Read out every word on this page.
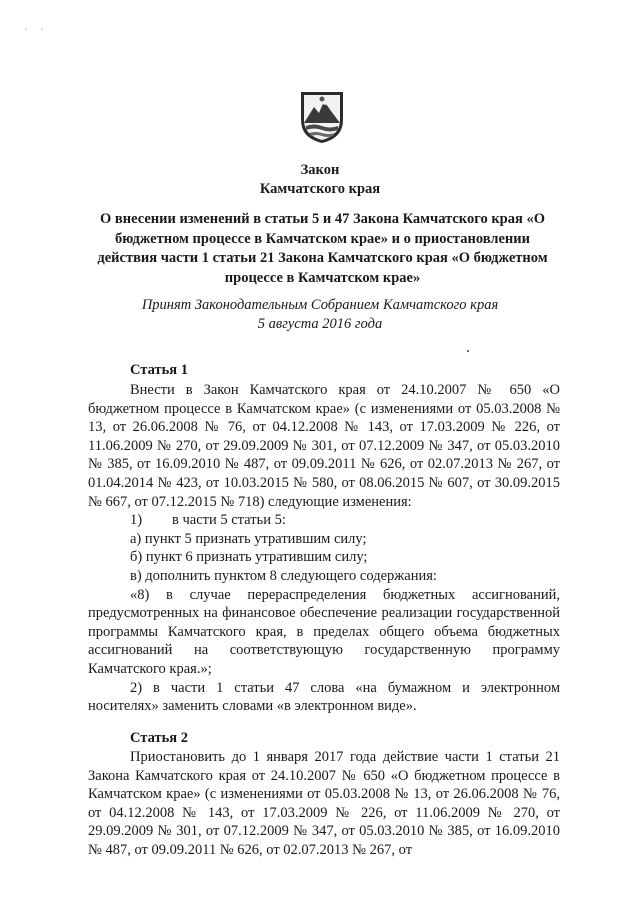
, ,
Закон
Камчатского края
О внесении изменений в статьи 5 и 47 Закона Камчатского края «О бюджетном процессе в Камчатском крае» и о приостановлении действия части 1 статьи 21 Закона Камчатского края «О бюджетном процессе в Камчатском крае»
Принят Законодательным Собранием Камчатского края
5 августа 2016 года
Статья 1

Внести в Закон Камчатского края от 24.10.2007 № 650 «О бюджетном процессе в Камчатском крае» (с изменениями от 05.03.2008 № 13, от 26.06.2008 № 76, от 04.12.2008 № 143, от 17.03.2009 № 226, от 11.06.2009 № 270, от 29.09.2009 № 301, от 07.12.2009 № 347, от 05.03.2010 № 385, от 16.09.2010 № 487, от 09.09.2011 № 626, от 02.07.2013 № 267, от 01.04.2014 № 423, от 10.03.2015 № 580, от 08.06.2015 № 607, от 30.09.2015 № 667, от 07.12.2015 № 718) следующие изменения:

1) в части 5 статьи 5:

а) пункт 5 признать утратившим силу;

б) пункт 6 признать утратившим силу;

в) дополнить пунктом 8 следующего содержания:

«8) в случае перераспределения бюджетных ассигнований, предусмотренных на финансовое обеспечение реализации государственной программы Камчатского края, в пределах общего объема бюджетных ассигнований на соответствующую государственную программу Камчатского края.»;

2) в части 1 статьи 47 слова «на бумажном и электронном носителях» заменить словами «в электронном виде».

Статья 2

Приостановить до 1 января 2017 года действие части 1 статьи 21 Закона Камчатского края от 24.10.2007 № 650 «О бюджетном процессе в Камчатском крае» (с изменениями от 05.03.2008 № 13, от 26.06.2008 № 76, от 04.12.2008 № 143, от 17.03.2009 № 226, от 11.06.2009 № 270, от 29.09.2009 № 301, от 07.12.2009 № 347, от 05.03.2010 № 385, от 16.09.2010 № 487, от 09.09.2011 № 626, от 02.07.2013 № 267, от
